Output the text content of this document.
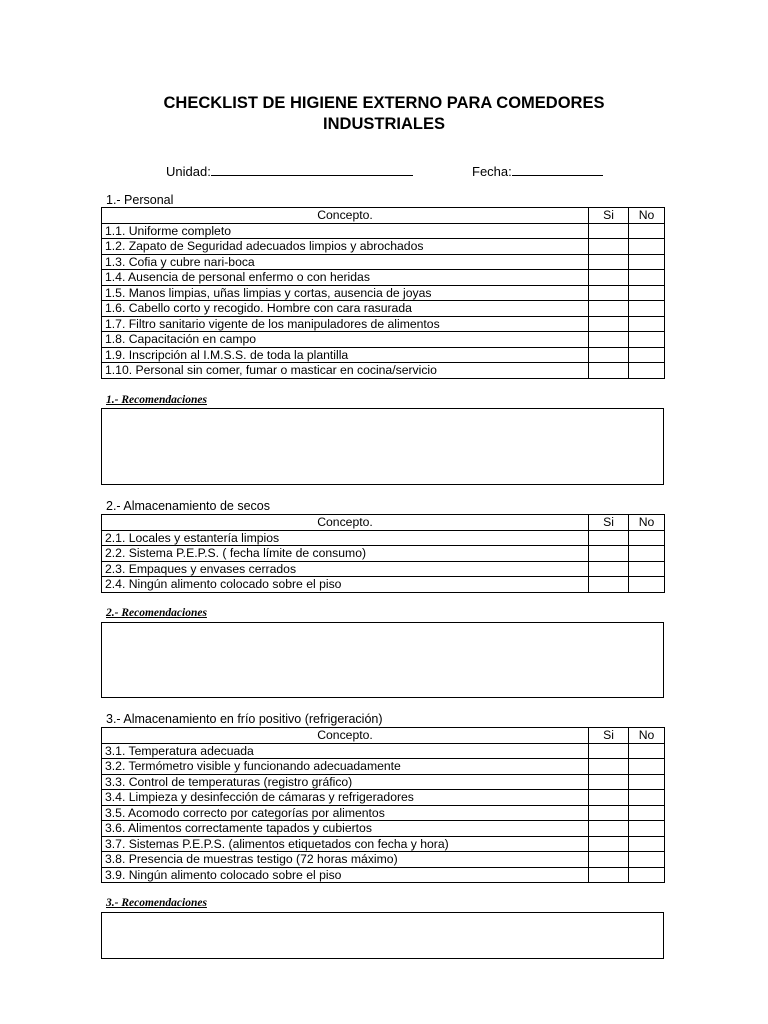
CHECKLIST DE HIGIENE EXTERNO PARA COMEDORES
INDUSTRIALES
Unidad:	Fecha:
1.- Personal
Concepto.	Si	No
1.1. Uniforme completo		
1.2. Zapato de Seguridad adecuados limpios y abrochados		
1.3. Cofia y cubre nari-boca		
1.4. Ausencia de personal enfermo o con heridas		
1.5. Manos limpias, uñas limpias y cortas, ausencia de joyas		
1.6. Cabello corto y recogido. Hombre con cara rasurada		
1.7. Filtro sanitario vigente de los manipuladores de alimentos		
1.8. Capacitación en campo		
1.9. Inscripción al I.M.S.S. de toda la plantilla		
1.10. Personal sin comer, fumar o masticar en cocina/servicio		
1.- Recomendaciones
2.- Almacenamiento de secos
Concepto.	Si	No
2.1. Locales y estantería limpios		
2.2. Sistema P.E.P.S. ( fecha límite de consumo)		
2.3. Empaques y envases cerrados		
2.4. Ningún alimento colocado sobre el piso		
2.- Recomendaciones
3.- Almacenamiento en frío positivo (refrigeración)
Concepto.	Si	No
3.1. Temperatura adecuada		
3.2. Termómetro visible y funcionando adecuadamente		
3.3. Control de temperaturas (registro gráfico)		
3.4. Limpieza y desinfección de cámaras y refrigeradores		
3.5. Acomodo correcto por categorías por alimentos		
3.6. Alimentos correctamente tapados y cubiertos		
3.7. Sistemas P.E.P.S. (alimentos etiquetados con fecha y hora)		
3.8. Presencia de muestras testigo (72 horas máximo)		
3.9. Ningún alimento colocado sobre el piso		
3.- Recomendaciones
